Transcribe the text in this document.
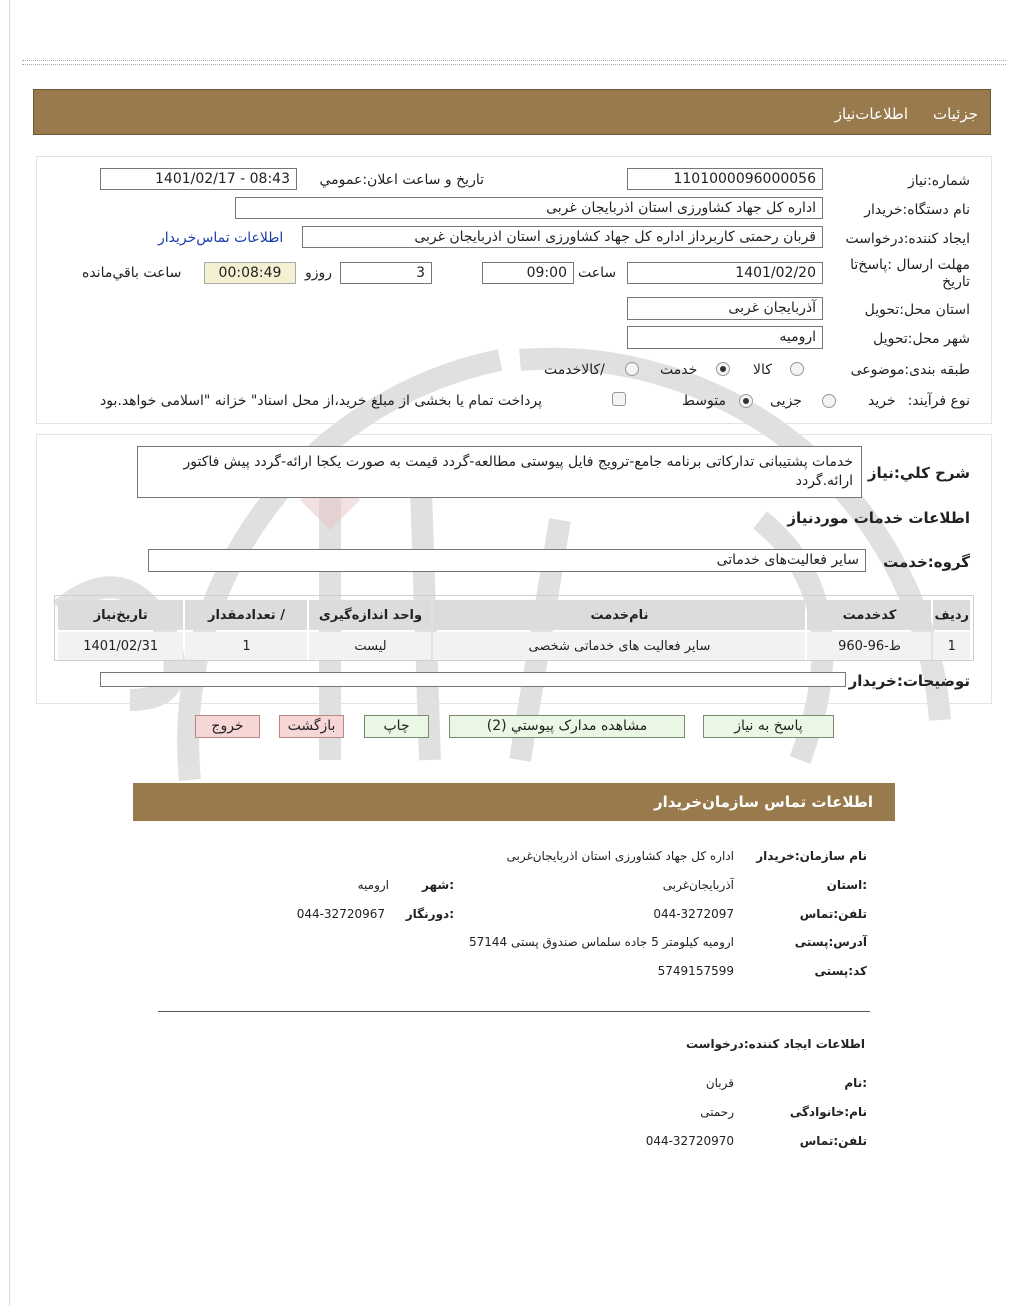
جزئیات
اطلاعات‌نیاز
شماره:نیاز
1101000096000056
تاریخ و ساعت اعلان:عمومي
1401/02/17 - 08:43
نام دستگاه:خریدار
اداره کل جهاد کشاورزی استان اذربایجان غربی
ایجاد کننده:درخواست
قربان رحمتی کاربرداز اداره کل جهاد کشاورزی استان اذربایجان غربی
اطلاعات تماس‌خریدار
مهلت ارسال :پاسخ‌تا تاریخ
1401/02/20
ساعت
09:00
3
روزو
00:08:49
ساعت باقي‌مانده
استان محل:تحویل
آذربایجان غربی
شهر محل:تحویل
ارومیه
طبقه بندی:موضوعی
کالا
خدمت
/کالاخدمت
نوع فرآیند:
خرید
جزیی
متوسط
پرداخت تمام یا بخشی از مبلغ خرید،از محل اسناد" خزانه "اسلامی خواهد.بود
شرح کلي:نیاز
خدمات پشتیبانی تدارکاتی برنامه جامع-ترویج فایل پیوستی مطالعه-گردد قیمت به صورت یکجا ارائه-گردد پیش فاکتور ارائه.گردد
اطلاعات خدمات موردنیاز
گروه:خدمت
سایر فعالیت‌های خدماتی
ردیف	کدخدمت	نام‌خدمت	واحد اندازه‌گیری	/ تعدادمقدار	تاریخ‌نیاز
1	ط-96-960	سایر فعالیت های خدماتی شخصی	لیست	1	1401/02/31
توضیحات:خریدار
پاسخ به نیاز
مشاهده مدارک پیوستي (2)
چاپ
بازگشت
خروج
اطلاعات تماس سازمان‌خریدار
نام سازمان:خریدار
اداره کل جهاد کشاورزی استان اذربایجان‌غربی
:استان
آذربایجان‌غربی
:شهر
ارومیه
تلفن:تماس
044-3272097
:دورنگار
044-32720967
آدرس:پستی
ارومیه کیلومتر 5 جاده سلماس صندوق پستی 57144
کد:پستی
5749157599
اطلاعات ایجاد کننده:درخواست
:نام
قربان
نام:خانوادگی
رحمتی
تلفن:تماس
044-32720970
